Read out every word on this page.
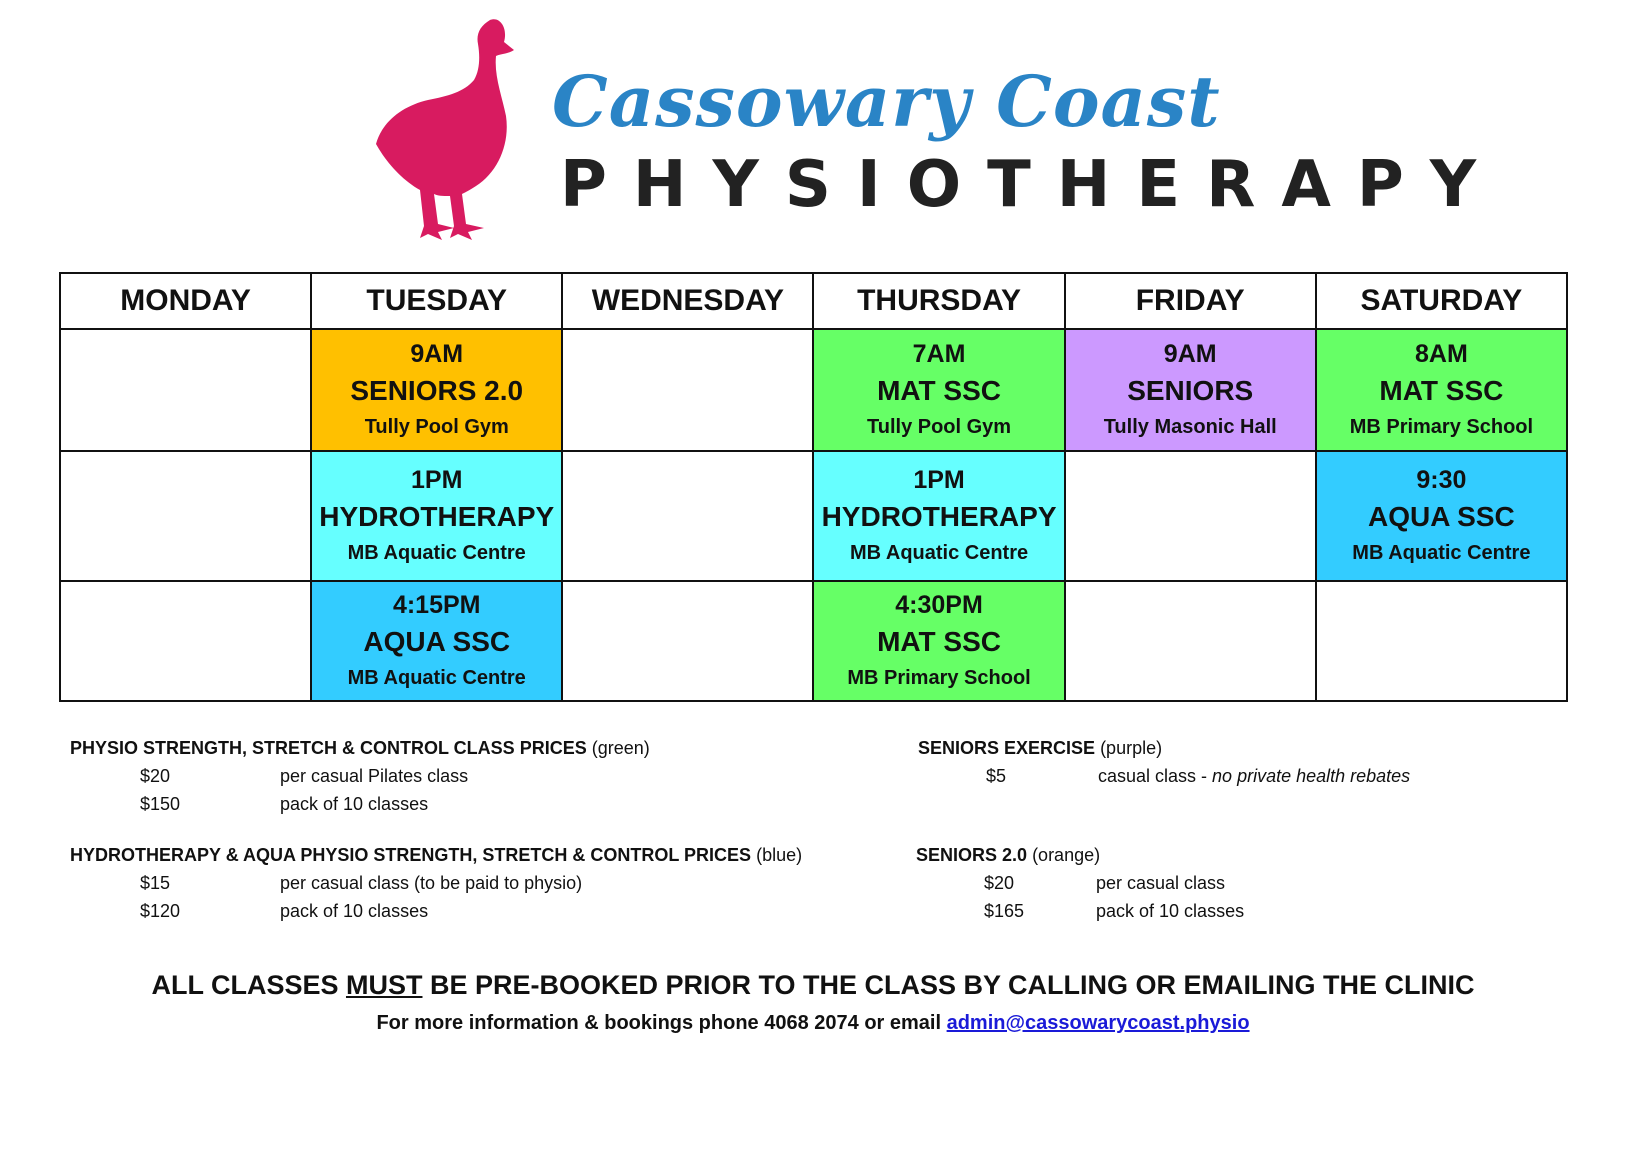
Cassowary Coast
PHYSIOTHERAPY
MONDAY	TUESDAY	WEDNESDAY	THURSDAY	FRIDAY	SATURDAY

	9AM
SENIORS 2.0
Tully Pool Gym		7AM
MAT SSC
Tully Pool Gym	9AM
SENIORS
Tully Masonic Hall	8AM
MAT SSC
MB Primary School

	1PM
HYDROTHERAPY
MB Aquatic Centre		1PM
HYDROTHERAPY
MB Aquatic Centre		9:30
AQUA SSC
MB Aquatic Centre

	4:15PM
AQUA SSC
MB Aquatic Centre		4:30PM
MAT SSC
MB Primary School		

PHYSIO STRENGTH, STRETCH & CONTROL CLASS PRICES (green)
$20	per casual Pilates class
$150	pack of 10 classes
HYDROTHERAPY & AQUA PHYSIO STRENGTH, STRETCH & CONTROL PRICES (blue)
$15	per casual class (to be paid to physio)
$120	pack of 10 classes
SENIORS EXERCISE (purple)
$5	casual class - no private health rebates
SENIORS 2.0 (orange)
$20	per casual class
$165	pack of 10 classes

ALL CLASSES MUST BE PRE-BOOKED PRIOR TO THE CLASS BY CALLING OR EMAILING THE CLINIC

For more information & bookings phone 4068 2074 or email admin@cassowarycoast.physio
